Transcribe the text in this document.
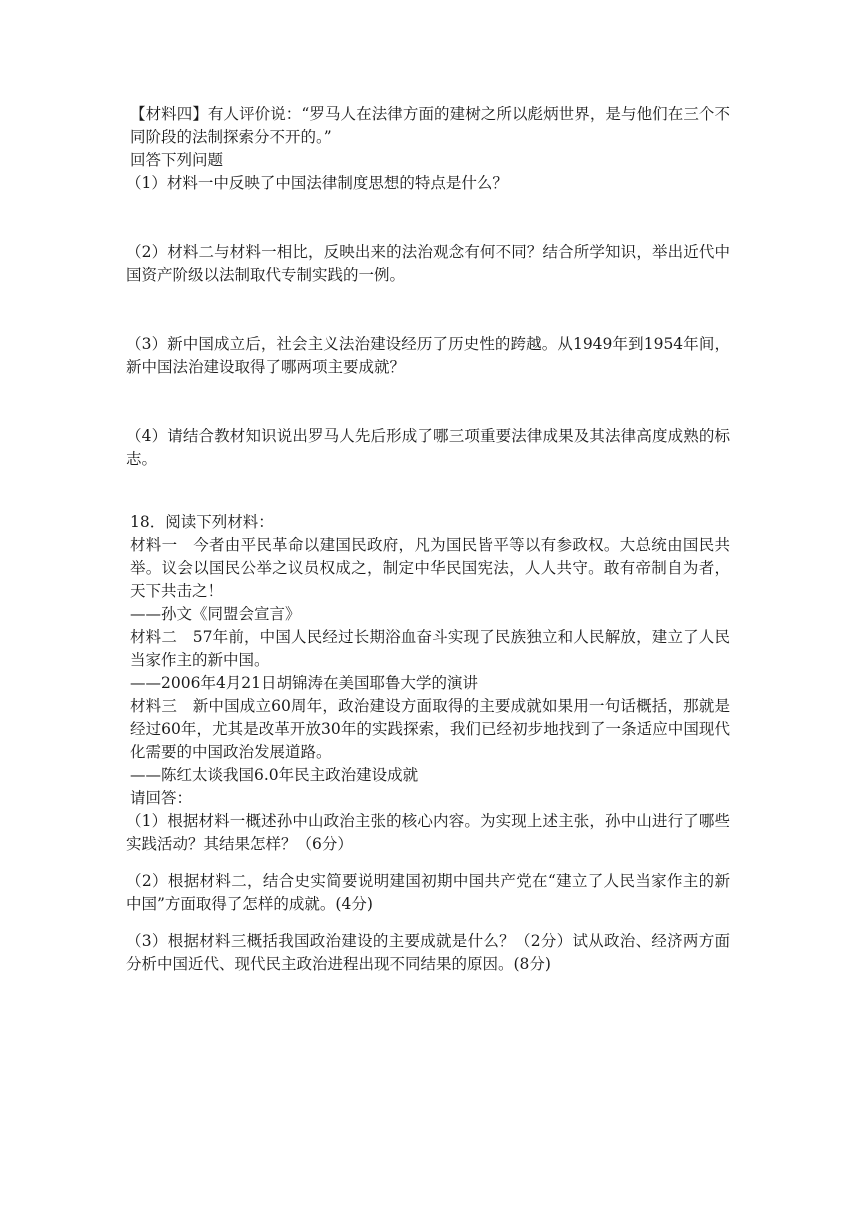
【材料四】有人评价说：“罗马人在法律方面的建树之所以彪炳世界，是与他们在三个不同阶段的法制探索分不开的。”

回答下列问题

（1）材料一中反映了中国法律制度思想的特点是什么？

（2）材料二与材料一相比，反映出来的法治观念有何不同？结合所学知识，举出近代中国资产阶级以法制取代专制实践的一例。

（3）新中国成立后，社会主义法治建设经历了历史性的跨越。从1949年到1954年间，新中国法治建设取得了哪两项主要成就？

（4）请结合教材知识说出罗马人先后形成了哪三项重要法律成果及其法律高度成熟的标志。

18．阅读下列材料：

材料一　今者由平民革命以建国民政府，凡为国民皆平等以有参政权。大总统由国民共举。议会以国民公举之议员权成之，制定中华民国宪法，人人共守。敢有帝制自为者，天下共击之！

——孙文《同盟会宣言》

材料二　57年前，中国人民经过长期浴血奋斗实现了民族独立和人民解放，建立了人民当家作主的新中国。

——2006年4月21日胡锦涛在美国耶鲁大学的演讲

材料三　新中国成立60周年，政治建设方面取得的主要成就如果用一句话概括，那就是经过60年，尤其是改革开放30年的实践探索，我们已经初步地找到了一条适应中国现代化需要的中国政治发展道路。

——陈红太谈我国6.0年民主政治建设成就

请回答：

（1）根据材料一概述孙中山政治主张的核心内容。为实现上述主张，孙中山进行了哪些实践活动？其结果怎样？（6分）

（2）根据材料二，结合史实简要说明建国初期中国共产党在“建立了人民当家作主的新中国”方面取得了怎样的成就。(4分)

（3）根据材料三概括我国政治建设的主要成就是什么？（2分）试从政治、经济两方面分析中国近代、现代民主政治进程出现不同结果的原因。(8分)
